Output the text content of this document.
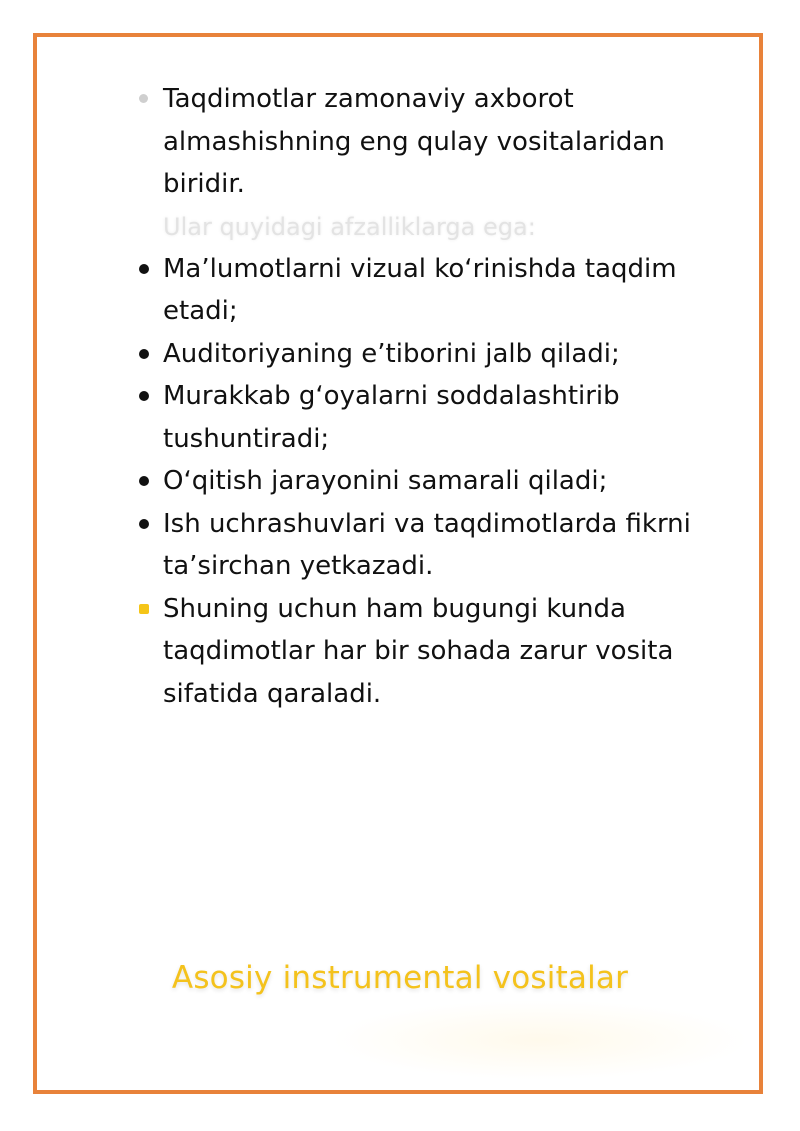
Taqdimotlar zamonaviy axborot almashishning eng qulay vositalaridan biridir.

Ular quyidagi afzalliklarga ega:

Ma’lumotlarni vizual koʻrinishda taqdim etadi;

Auditoriyaning e’tiborini jalb qiladi;

Murakkab gʻoyalarni soddalashtirib tushuntiradi;

Oʻqitish jarayonini samarali qiladi;

Ish uchrashuvlari va taqdimotlarda fikrni ta’sirchan yetkazadi.

Shuning uchun ham bugungi kunda taqdimotlar har bir sohada zarur vosita sifatida qaraladi.

Asosiy instrumental vositalar
